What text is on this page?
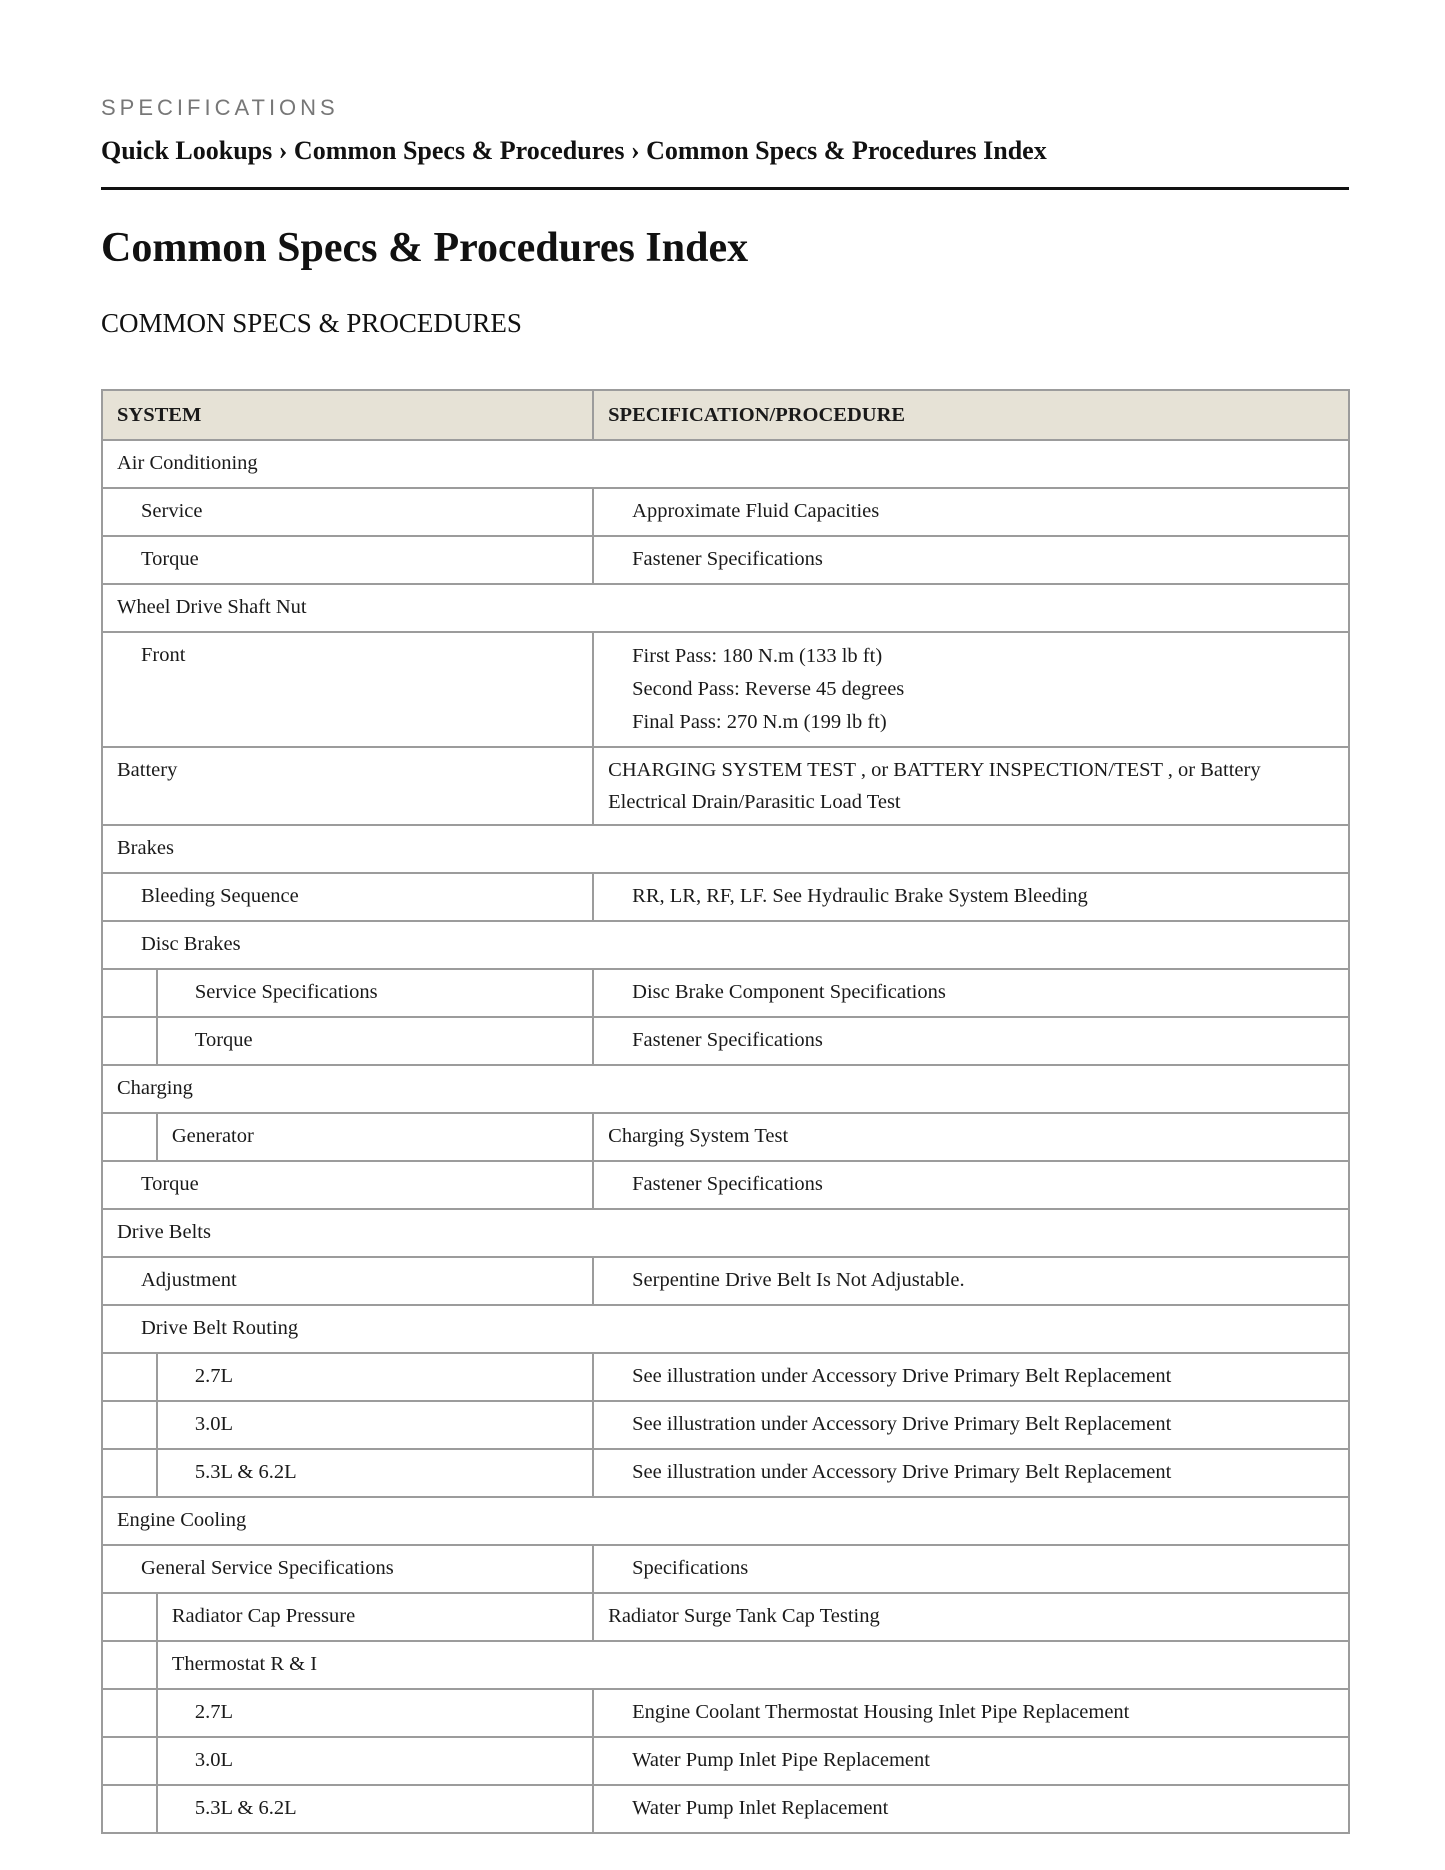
SPECIFICATIONS
Quick Lookups › Common Specs & Procedures › Common Specs & Procedures Index
Common Specs & Procedures Index
COMMON SPECS & PROCEDURES
SYSTEM		SPECIFICATION/PROCEDURE

Air Conditioning		

Service		Approximate Fluid Capacities

Torque		Fastener Specifications

Wheel Drive Shaft Nut		

Front		First Pass: 180 N.m (133 lb ft)
Second Pass: Reverse 45 degrees
Final Pass: 270 N.m (199 lb ft)

Battery		CHARGING SYSTEM TEST , or BATTERY INSPECTION/TEST , or Battery Electrical Drain/Parasitic Load Test

Brakes		

Bleeding Sequence		RR, LR, RF, LF. See Hydraulic Brake System Bleeding

Disc Brakes		

	Service Specifications	Disc Brake Component Specifications

	Torque	Fastener Specifications

Charging		

	Generator	Charging System Test

Torque		Fastener Specifications

Drive Belts		

Adjustment		Serpentine Drive Belt Is Not Adjustable.

Drive Belt Routing		

	2.7L	See illustration under Accessory Drive Primary Belt Replacement

	3.0L	See illustration under Accessory Drive Primary Belt Replacement

	5.3L & 6.2L	See illustration under Accessory Drive Primary Belt Replacement

Engine Cooling		

General Service Specifications		Specifications

	Radiator Cap Pressure	Radiator Surge Tank Cap Testing

	Thermostat R & I	

	2.7L	Engine Coolant Thermostat Housing Inlet Pipe Replacement

	3.0L	Water Pump Inlet Pipe Replacement

	5.3L & 6.2L	Water Pump Inlet Replacement
